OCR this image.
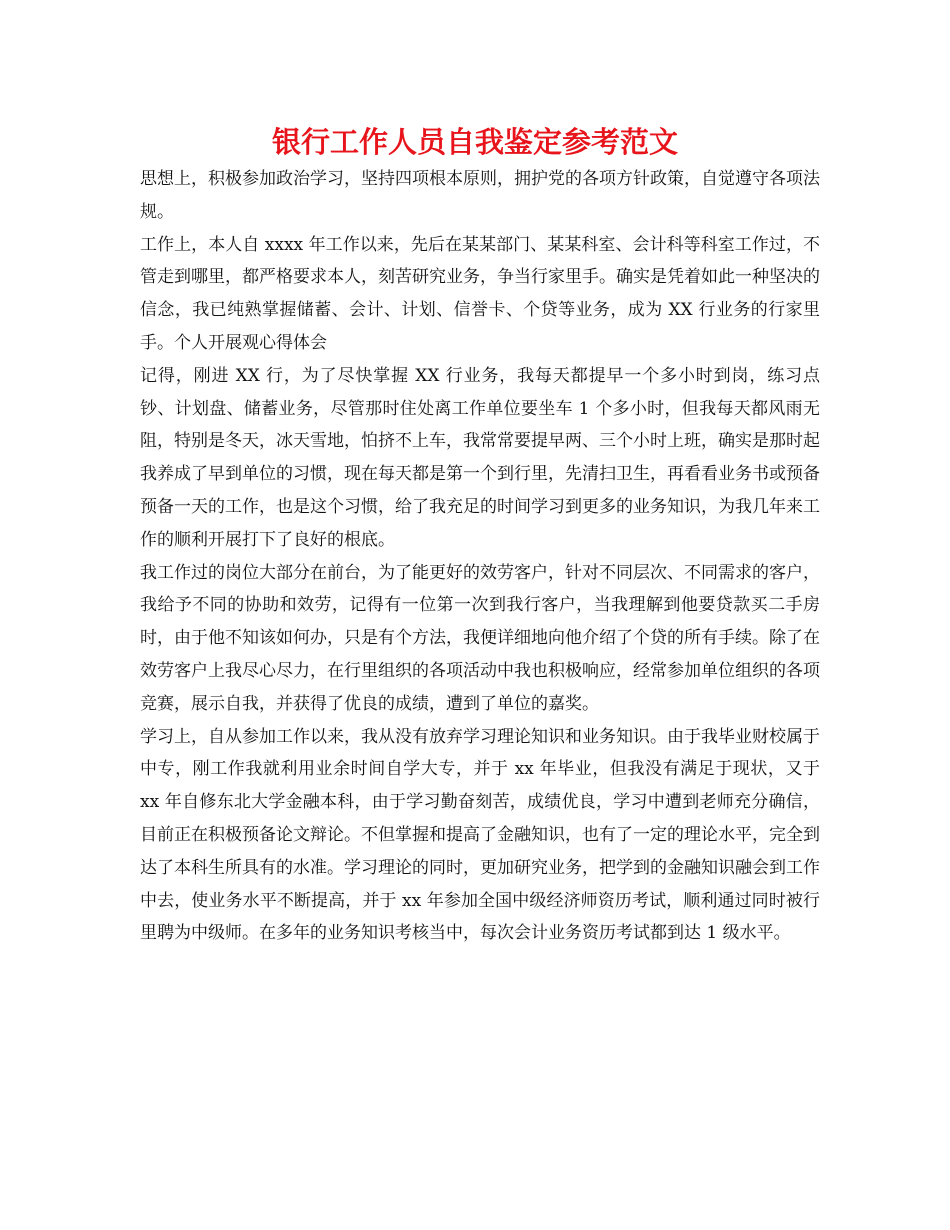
银行工作人员自我鉴定参考范文

思想上，积极参加政治学习，坚持四项根本原则，拥护党的各项方针政策，自觉遵守各项法规。

工作上，本人自 xxxx 年工作以来，先后在某某部门、某某科室、会计科等科室工作过，不管走到哪里，都严格要求本人，刻苦研究业务，争当行家里手。确实是凭着如此一种坚决的信念，我已纯熟掌握储蓄、会计、计划、信誉卡、个贷等业务，成为 XX 行业务的行家里手。个人开展观心得体会

记得，刚进 XX 行，为了尽快掌握 XX 行业务，我每天都提早一个多小时到岗，练习点钞、计划盘、储蓄业务，尽管那时住处离工作单位要坐车 1 个多小时，但我每天都风雨无阻，特别是冬天，冰天雪地，怕挤不上车，我常常要提早两、三个小时上班，确实是那时起我养成了早到单位的习惯，现在每天都是第一个到行里，先清扫卫生，再看看业务书或预备预备一天的工作，也是这个习惯，给了我充足的时间学习到更多的业务知识，为我几年来工作的顺利开展打下了良好的根底。

我工作过的岗位大部分在前台，为了能更好的效劳客户，针对不同层次、不同需求的客户，我给予不同的协助和效劳，记得有一位第一次到我行客户，当我理解到他要贷款买二手房时，由于他不知该如何办，只是有个方法，我便详细地向他介绍了个贷的所有手续。除了在效劳客户上我尽心尽力，在行里组织的各项活动中我也积极响应，经常参加单位组织的各项竞赛，展示自我，并获得了优良的成绩，遭到了单位的嘉奖。

学习上，自从参加工作以来，我从没有放弃学习理论知识和业务知识。由于我毕业财校属于中专，刚工作我就利用业余时间自学大专，并于 xx 年毕业，但我没有满足于现状，又于 xx 年自修东北大学金融本科，由于学习勤奋刻苦，成绩优良，学习中遭到老师充分确信，目前正在积极预备论文辩论。不但掌握和提高了金融知识，也有了一定的理论水平，完全到达了本科生所具有的水准。学习理论的同时，更加研究业务，把学到的金融知识融会到工作中去，使业务水平不断提高，并于 xx 年参加全国中级经济师资历考试，顺利通过同时被行里聘为中级师。在多年的业务知识考核当中，每次会计业务资历考试都到达 1 级水平。
